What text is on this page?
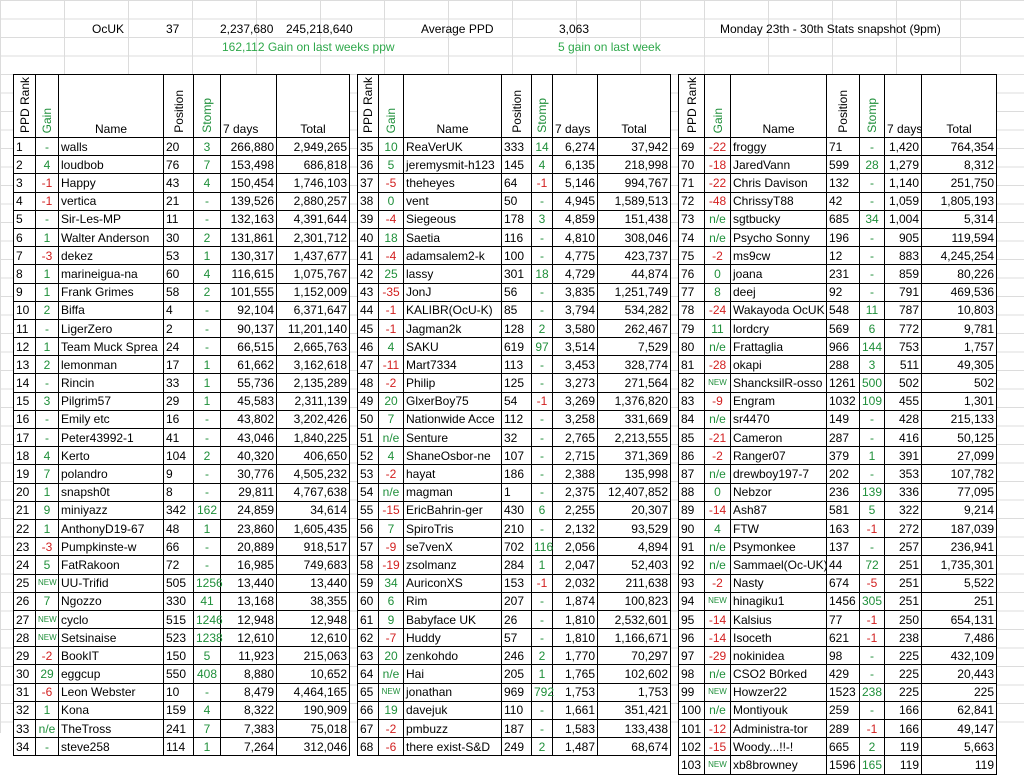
OcUK	37	2,237,680 245,218,640	Average PPD	3,063	Monday 23th - 30th Stats snapshot (9pm)
162,112 Gain on last weeks ppw	5 gain on last week
PPD Rank	Gain	Name	Position	Stomp	7 days	Total
1	-	walls	20	3	266,880	2,949,265
2	4	loudbob	76	7	153,498	686,818
3	-1	Happy	43	4	150,454	1,746,103
4	-1	vertica	21	-	139,526	2,880,257
5	-	Sir-Les-MP	11	-	132,163	4,391,644
6	1	Walter Anderson	30	2	131,861	2,301,712
7	-3	dekez	53	1	130,317	1,437,677
8	1	marineigua-na	60	4	116,615	1,075,767
9	1	Frank Grimes	58	2	101,555	1,152,009
10	2	Biffa	4	-	92,104	6,371,647
11	-	LigerZero	2	-	90,137	11,201,140
12	1	Team Muck Sprea	24	-	66,515	2,665,763
13	2	lemonman	17	1	61,662	3,162,618
14	-	Rincin	33	1	55,736	2,135,289
15	3	Pilgrim57	29	1	45,583	2,311,139
16	-	Emily etc	16	-	43,802	3,202,426
17	-	Peter43992-1	41	-	43,046	1,840,225
18	4	Kerto	104	2	40,320	406,650
19	7	polandro	9	-	30,776	4,505,232
20	1	snapsh0t	8	-	29,811	4,767,638
21	9	miniyazz	342	162	24,859	34,614
22	1	AnthonyD19-67	48	1	23,860	1,605,435
23	-3	Pumpkinste-w	66	-	20,889	918,517
24	5	FatRakoon	72	-	16,985	749,683
25	NEW	UU-Trifid	505	1256	13,440	13,440
26	7	Ngozzo	330	41	13,168	38,355
27	NEW	cyclo	515	1246	12,948	12,948
28	NEW	Setsinaise	523	1238	12,610	12,610
29	-2	BookIT	150	5	11,923	215,063
30	29	eggcup	550	408	8,880	10,652
31	-6	Leon Webster	10	-	8,479	4,464,165
32	1	Kona	159	4	8,322	190,909
33	n/e	TheTross	241	7	7,383	75,018
34	-	steve258	114	1	7,264	312,046
PPD Rank	Gain	Name	Position	Stomp	7 days	Total
35	10	ReaVerUK	333	14	6,274	37,942
36	5	jeremysmit-h123	145	4	6,135	218,998
37	-5	theheyes	64	-1	5,146	994,767
38	0	vent	50	-	4,945	1,589,513
39	-4	Siegeous	178	3	4,859	151,438
40	18	Saetia	116	-	4,810	308,046
41	-4	adamsalem2-k	100	-	4,775	423,737
42	25	lassy	301	18	4,729	44,874
43	-35	JonJ	56	-	3,835	1,251,749
44	-1	KALIBR(OcU-K)	85	-	3,794	534,282
45	-1	Jagman2k	128	2	3,580	262,467
46	4	SAKU	619	97	3,514	7,529
47	-11	Mart7334	113	-	3,453	328,774
48	-2	Philip	125	-	3,273	271,564
49	20	GlxerBoy75	54	-1	3,269	1,376,820
50	7	Nationwide Acce	112	-	3,258	331,669
51	n/e	Senture	32	-	2,765	2,213,555
52	4	ShaneOsbor-ne	107	-	2,715	371,369
53	-2	hayat	186	-	2,388	135,998
54	n/e	magman	1	-	2,375	12,407,852
55	-15	EricBahrin-ger	430	6	2,255	20,307
56	7	SpiroTris	210	-	2,132	93,529
57	-9	se7venX	702	116	2,056	4,894
58	-19	zsolmanz	284	1	2,047	52,403
59	34	AuriconXS	153	-1	2,032	211,638
60	6	Rim	207	-	1,874	100,823
61	9	Babyface UK	26	-	1,810	2,532,601
62	-7	Huddy	57	-	1,810	1,166,671
63	20	zenkohdo	246	2	1,770	70,297
64	n/e	Hai	205	1	1,765	102,602
65	NEW	jonathan	969	792	1,753	1,753
66	19	davejuk	110	-	1,661	351,421
67	-2	pmbuzz	187	-	1,583	133,438
68	-6	there exist-S&D	249	2	1,487	68,674
PPD Rank	Gain	Name	Position	Stomp	7 days	Total
69	-22	froggy	71	-	1,420	764,354
70	-18	JaredVann	599	28	1,279	8,312
71	-22	Chris Davison	132	-	1,140	251,750
72	-48	ChrissyT88	42	-	1,059	1,805,193
73	n/e	sgtbucky	685	34	1,004	5,314
74	n/e	Psycho Sonny	196	-	905	119,594
75	-2	ms9cw	12	-	883	4,245,254
76	0	joana	231	-	859	80,226
77	8	deej	92	-	791	469,536
78	-24	Wakayoda OcUK	548	11	787	10,803
79	11	lordcry	569	6	772	9,781
80	n/e	Frattaglia	966	144	753	1,757
81	-28	okapi	288	3	511	49,305
82	NEW	ShancksilR-osso	1261	500	502	502
83	-9	Engram	1032	109	455	1,301
84	n/e	sr4470	149	-	428	215,133
85	-21	Cameron	287	-	416	50,125
86	-2	Ranger07	379	1	391	27,099
87	n/e	drewboy197-7	202	-	353	107,782
88	0	Nebzor	236	139	336	77,095
89	-14	Ash87	581	5	322	9,214
90	4	FTW	163	-1	272	187,039
91	n/e	Psymonkee	137	-	257	236,941
92	n/e	Sammael(Oc-UK)	44	72	251	1,735,301
93	-2	Nasty	674	-5	251	5,522
94	NEW	hinagiku1	1456	305	251	251
95	-14	Kalsius	77	-1	250	654,131
96	-14	Isoceth	621	-1	238	7,486
97	-29	nokinidea	98	-	225	432,109
98	n/e	CSO2 B0rked	429	-	225	20,443
99	NEW	Howzer22	1523	238	225	225
100	n/e	Montiyouk	259	-	166	62,841
101	-12	Administra-tor	289	-1	166	49,147
102	-15	Woody...!!-!	665	2	119	5,663
103	NEW	xb8browney	1596	165	119	119
